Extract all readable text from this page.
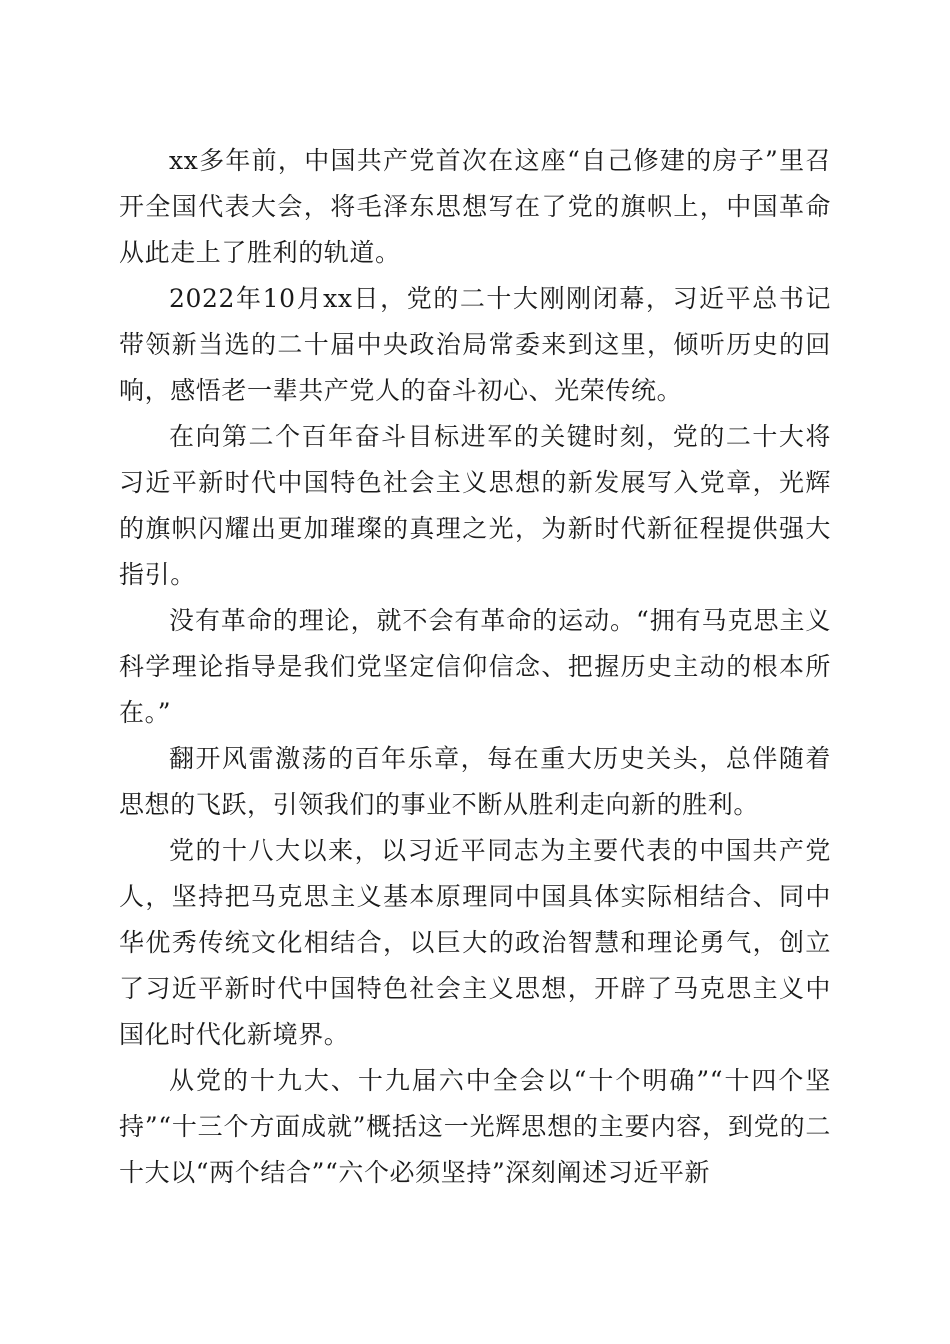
xx多年前，中国共产党首次在这座“自己修建的房子”里召开全国代表大会，将毛泽东思想写在了党的旗帜上，中国革命从此走上了胜利的轨道。

2022年10月xx日，党的二十大刚刚闭幕，习近平总书记带领新当选的二十届中央政治局常委来到这里，倾听历史的回响，感悟老一辈共产党人的奋斗初心、光荣传统。

在向第二个百年奋斗目标进军的关键时刻，党的二十大将习近平新时代中国特色社会主义思想的新发展写入党章，光辉的旗帜闪耀出更加璀璨的真理之光，为新时代新征程提供强大指引。

没有革命的理论，就不会有革命的运动。“拥有马克思主义科学理论指导是我们党坚定信仰信念、把握历史主动的根本所在。”

翻开风雷激荡的百年乐章，每在重大历史关头，总伴随着思想的飞跃，引领我们的事业不断从胜利走向新的胜利。

党的十八大以来，以习近平同志为主要代表的中国共产党人，坚持把马克思主义基本原理同中国具体实际相结合、同中华优秀传统文化相结合，以巨大的政治智慧和理论勇气，创立了习近平新时代中国特色社会主义思想，开辟了马克思主义中国化时代化新境界。

从党的十九大、十九届六中全会以“十个明确”“十四个坚持”“十三个方面成就”概括这一光辉思想的主要内容，到党的二十大以“两个结合”“六个必须坚持”深刻阐述习近平新
